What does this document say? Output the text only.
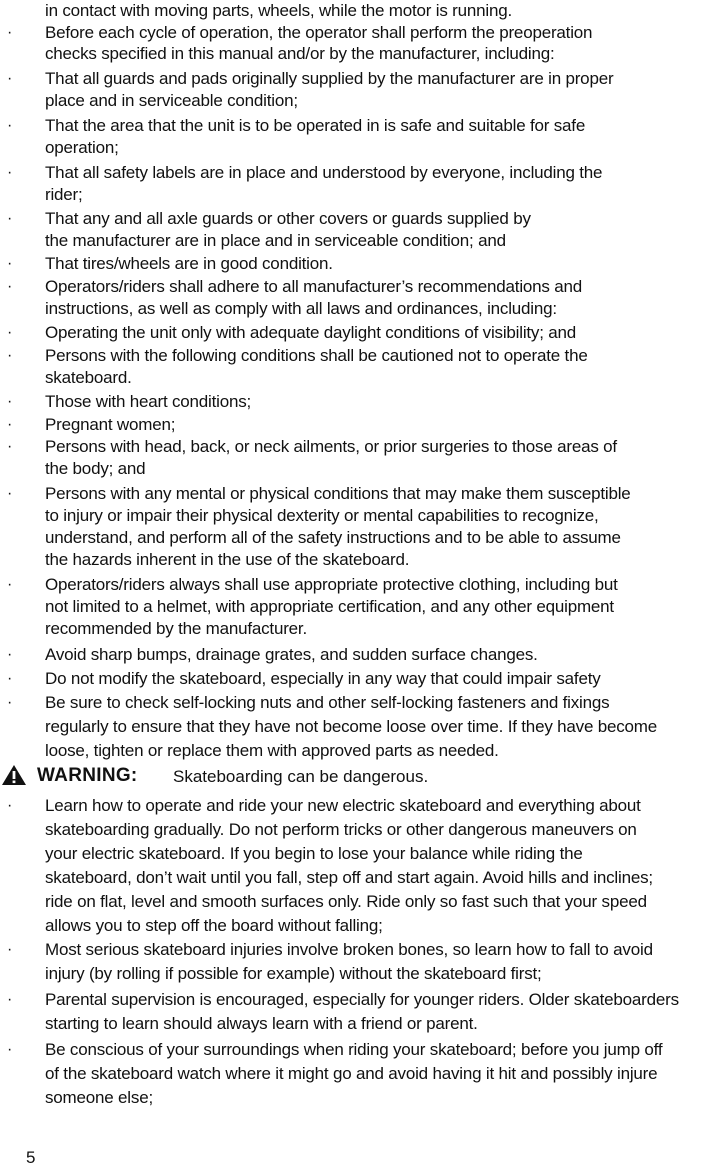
in contact with moving parts, wheels, while the motor is running.
· Before each cycle of operation, the operator shall perform the preoperation
checks specified in this manual and/or by the manufacturer, including:
· That all guards and pads originally supplied by the manufacturer are in proper
place and in serviceable condition;
· That the area that the unit is to be operated in is safe and suitable for safe
operation;
· That all safety labels are in place and understood by everyone, including the
rider;
· That any and all axle guards or other covers or guards supplied by
the manufacturer are in place and in serviceable condition; and
· That tires/wheels are in good condition.
· Operators/riders shall adhere to all manufacturer’s recommendations and
instructions, as well as comply with all laws and ordinances, including:
· Operating the unit only with adequate daylight conditions of visibility; and
· Persons with the following conditions shall be cautioned not to operate the
skateboard.
· Those with heart conditions;
· Pregnant women;
· Persons with head, back, or neck ailments, or prior surgeries to those areas of
the body; and
· Persons with any mental or physical conditions that may make them susceptible
to injury or impair their physical dexterity or mental capabilities to recognize,
understand, and perform all of the safety instructions and to be able to assume
the hazards inherent in the use of the skateboard.
· Operators/riders always shall use appropriate protective clothing, including but
not limited to a helmet, with appropriate certification, and any other equipment
recommended by the manufacturer.
· Avoid sharp bumps, drainage grates, and sudden surface changes.
· Do not modify the skateboard, especially in any way that could impair safety
· Be sure to check self-locking nuts and other self-locking fasteners and fixings
regularly to ensure that they have not become loose over time. If they have become
loose, tighten or replace them with approved parts as needed.
WARNING: Skateboarding can be dangerous.
· Learn how to operate and ride your new electric skateboard and everything about
skateboarding gradually. Do not perform tricks or other dangerous maneuvers on
your electric skateboard. If you begin to lose your balance while riding the
skateboard, don’t wait until you fall, step off and start again. Avoid hills and inclines;
ride on flat, level and smooth surfaces only. Ride only so fast such that your speed
allows you to step off the board without falling;
· Most serious skateboard injuries involve broken bones, so learn how to fall to avoid
injury (by rolling if possible for example) without the skateboard first;
· Parental supervision is encouraged, especially for younger riders. Older skateboarders
starting to learn should always learn with a friend or parent.
· Be conscious of your surroundings when riding your skateboard; before you jump off
of the skateboard watch where it might go and avoid having it hit and possibly injure
someone else;
5
